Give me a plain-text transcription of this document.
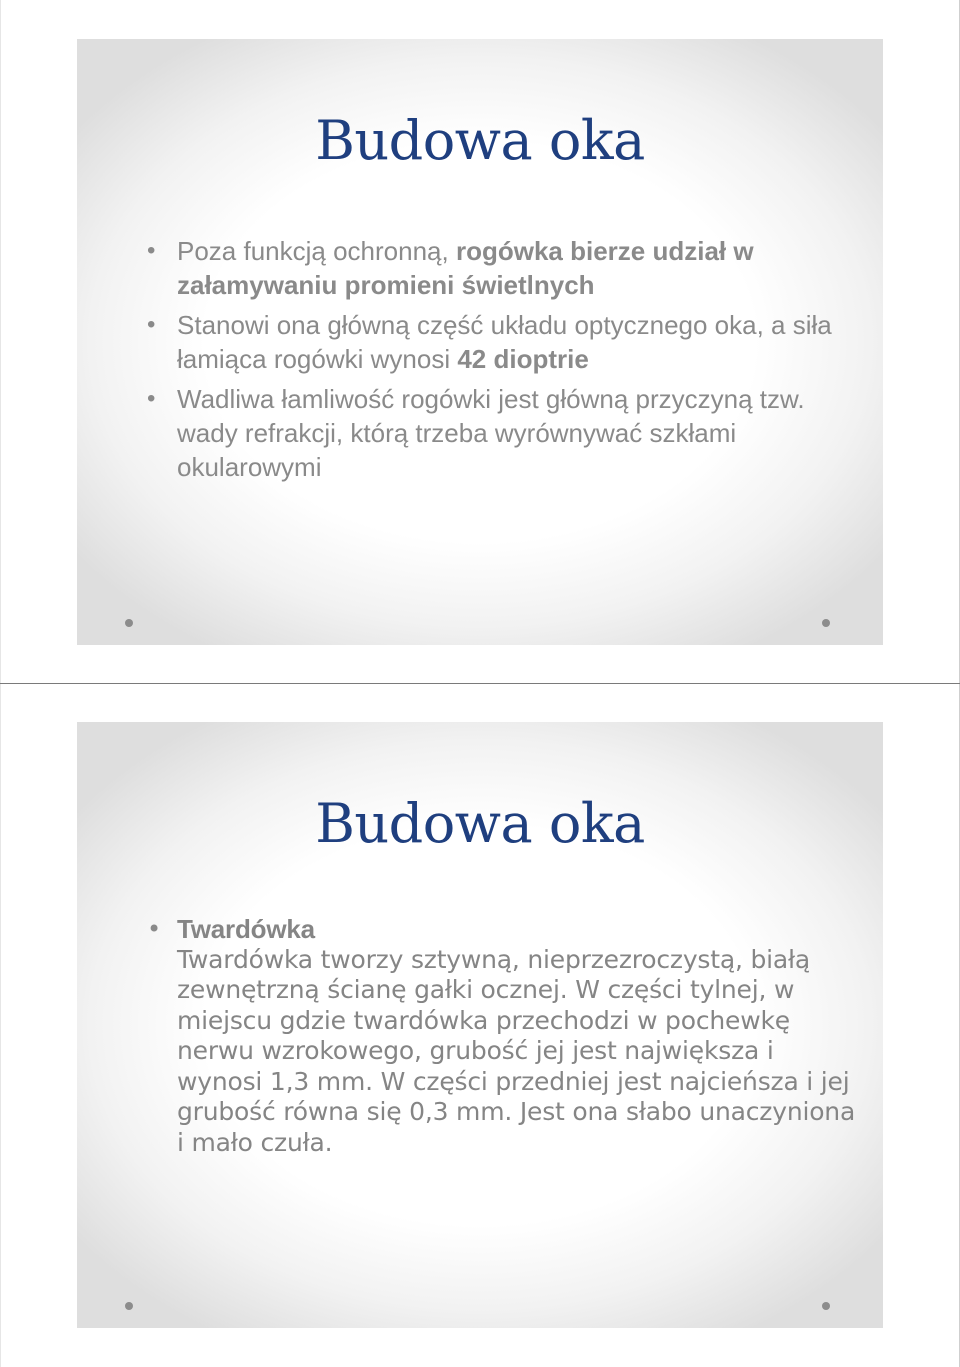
Budowa oka
• Poza funkcją ochronną, rogówka bierze udział w załamywaniu promieni świetlnych
• Stanowi ona główną część układu optycznego oka, a siła łamiąca rogówki wynosi 42 dioptrie
• Wadliwa łamliwość rogówki jest główną przyczyną tzw. wady refrakcji, którą trzeba wyrównywać szkłami okularowymi
Budowa oka
• Twardówka
Twardówka tworzy sztywną, nieprzezroczystą, białą zewnętrzną ścianę gałki ocznej. W części tylnej, w miejscu gdzie twardówka przechodzi w pochewkę nerwu wzrokowego, grubość jej jest największa i wynosi 1,3 mm. W części przedniej jest najcieńsza i jej grubość równa się 0,3 mm. Jest ona słabo unaczyniona i mało czuła.
